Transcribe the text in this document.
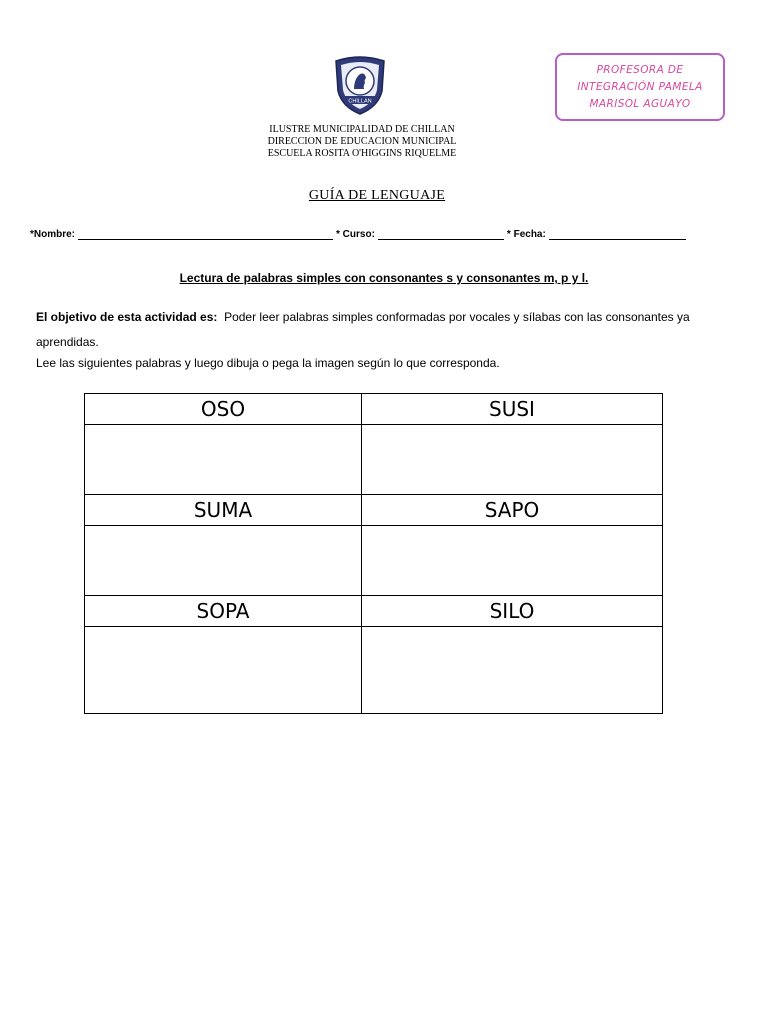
PROFESORA DE
INTEGRACIÓN PAMELA
MARISOL AGUAYO
CHILLAN
ILUSTRE MUNICIPALIDAD DE CHILLAN
DIRECCION DE EDUCACION MUNICIPAL
ESCUELA ROSITA O'HIGGINS RIQUELME
GUÍA DE LENGUAJE
*Nombre:	* Curso:	* Fecha:
Lectura de palabras simples con consonantes s y consonantes m, p y l.
El objetivo de esta actividad es: Poder leer palabras simples conformadas por vocales y sílabas con las consonantes ya aprendidas.
Lee las siguientes palabras y luego dibuja o pega la imagen según lo que corresponda.
OSO	SUSI

SUMA	SAPO

SOPA	SILO
